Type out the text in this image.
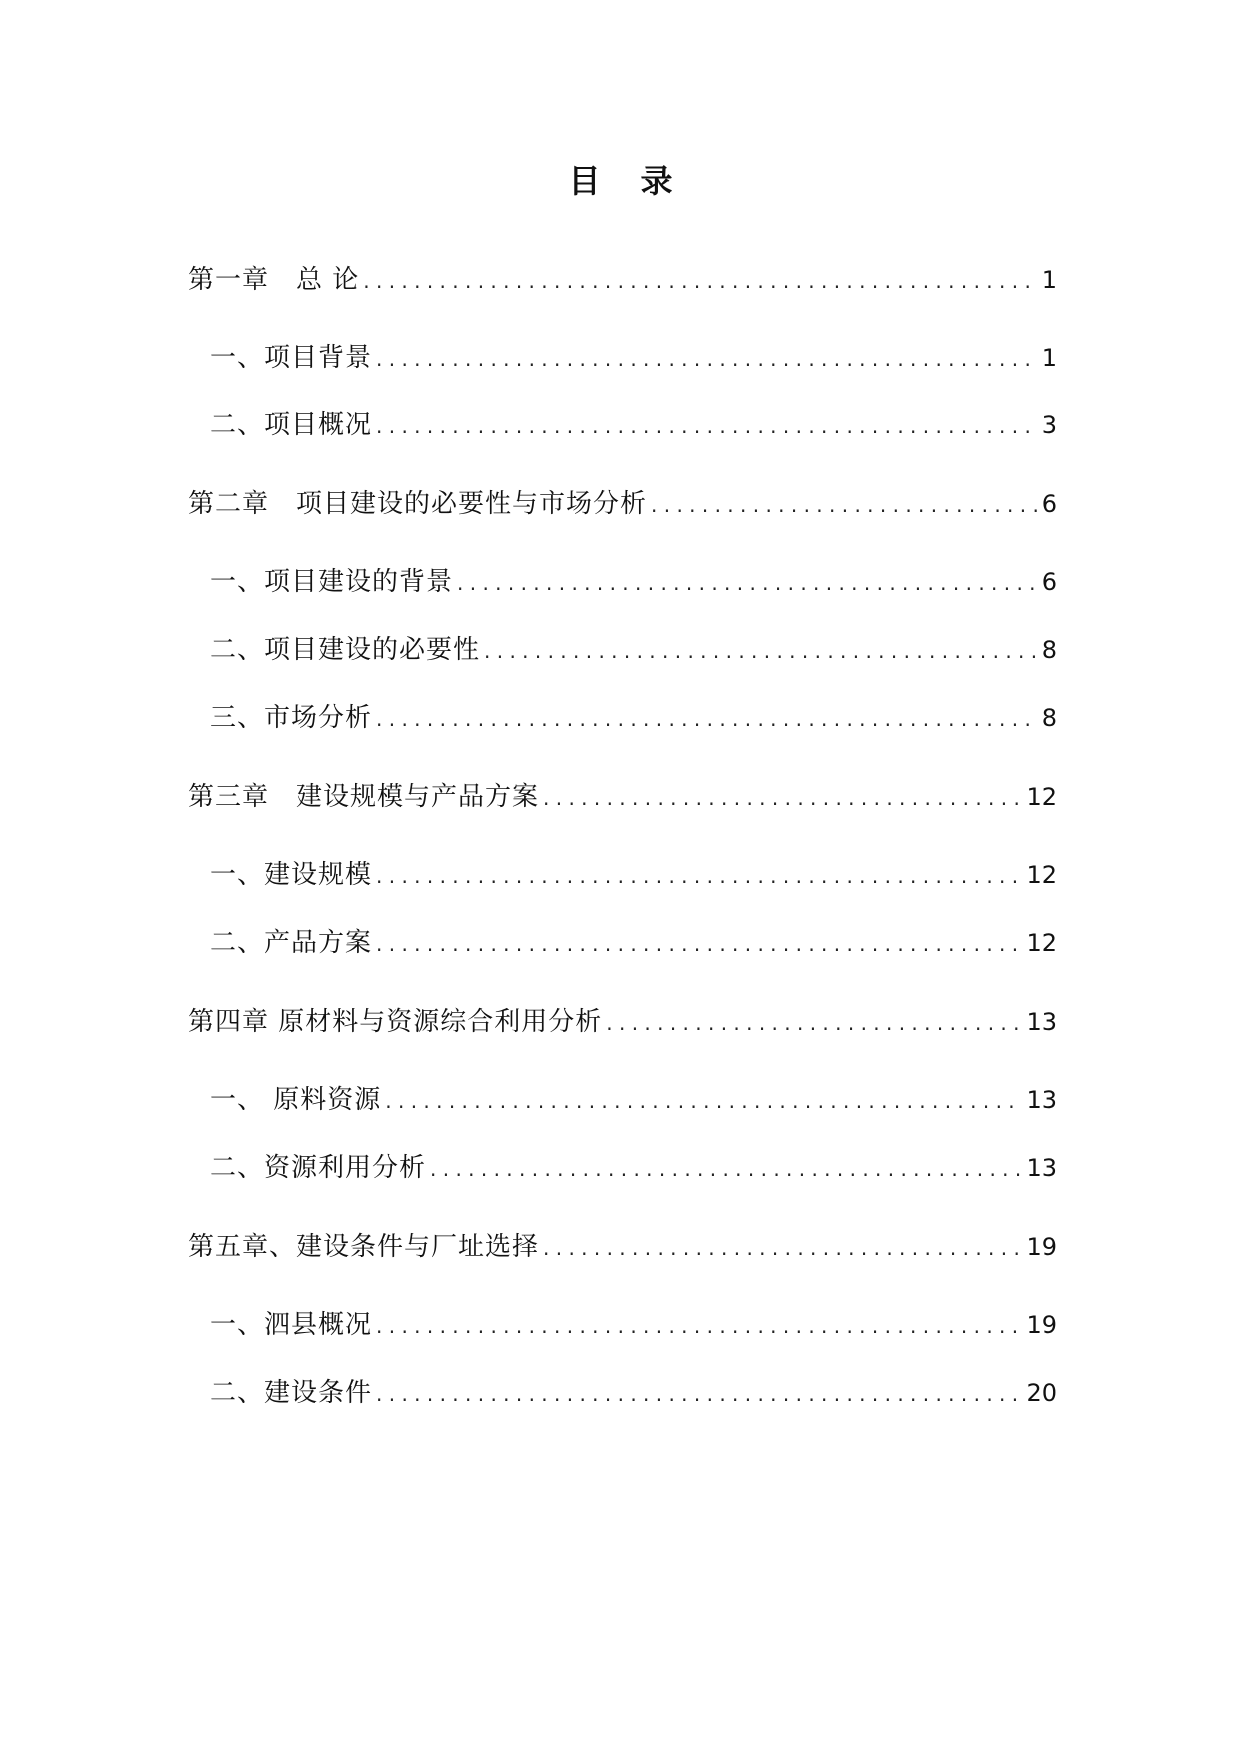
目录
第一章　总 论 . . .	1
一、项目背景 . . .	1
二、项目概况 . . .	3
第二章　项目建设的必要性与市场分析 . . .	6
一、项目建设的背景 . . .	6
二、项目建设的必要性 . . .	8
三、市场分析 . . .	8
第三章　建设规模与产品方案 . . .	12
一、建设规模 . . .	12
二、产品方案 . . .	12
第四章 原材料与资源综合利用分析 . . .	13
一、 原料资源 . . .	13
二、资源利用分析 . . .	13
第五章、建设条件与厂址选择 . . .	19
一、泗县概况 . . .	19
二、建设条件 . . .	20
